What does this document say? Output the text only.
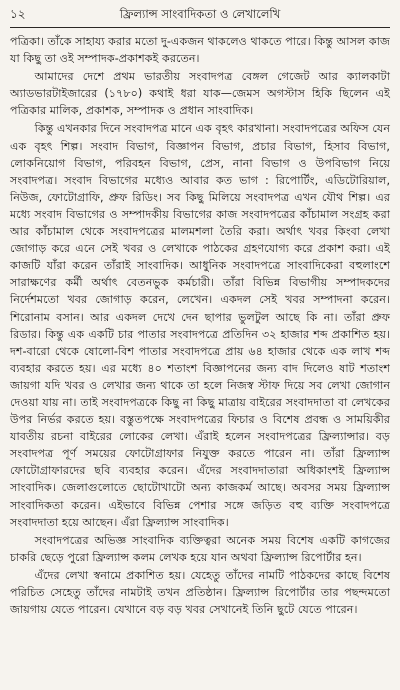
১২	ফ্রিল্যান্স সাংবাদিকতা ও লেখালেখি

পত্রিকা। তাঁকে সাহায্য করার মতো দু-একজন থাকলেও থাকতে পারে। কিন্তু আসল কাজ যা কিছু তা ওই সম্পাদক-প্রকাশকই করতেন।

আমাদের দেশে প্রথম ভারতীয় সংবাদপত্র বেঙ্গল গেজেট আর ক্যালকাটা অ্যাডভারটাইজারের (১৭৮০) কথাই ধরা যাক—জেমস অগস্টাস হিকি ছিলেন এই পত্রিকার মালিক, প্রকাশক, সম্পাদক ও প্রধান সাংবাদিক।

কিন্তু এখনকার দিনে সংবাদপত্র মানে এক বৃহৎ কারখানা। সংবাদপত্রের অফিস যেন এক বৃহৎ শিল্প। সংবাদ বিভাগ, বিজ্ঞাপন বিভাগ, প্রচার বিভাগ, হিসাব বিভাগ, লোকনিয়োগ বিভাগ, পরিবহন বিভাগ, প্রেস, নানা বিভাগ ও উপবিভাগ নিয়ে সংবাদপত্র। সংবাদ বিভাগের মধ্যেও আবার কত ভাগ : রিপোর্টিং, এডিটোরিয়াল, নিউজ, ফোটোগ্রাফি, প্রুফ রিডিং। সব কিছু মিলিয়ে সংবাদপত্র এখন যৌথ শিল্প। এর মধ্যে সংবাদ বিভাগের ও সম্পাদকীয় বিভাগের কাজ সংবাদপত্রের কাঁচামাল সংগ্রহ করা আর কাঁচামাল থেকে সংবাদপত্রের মালমশলা তৈরি করা। অর্থাৎ খবর কিংবা লেখা জোগাড় করে এনে সেই খবর ও লেখাকে পাঠকের গ্রহণযোগ্য করে প্রকাশ করা। এই কাজটি যাঁরা করেন তাঁরাই সাংবাদিক। আধুনিক সংবাদপত্রে সাংবাদিকেরা বহুলাংশে সারাক্ষণের কর্মী অর্থাৎ বেতনভুক কর্মচারী। তাঁরা বিভিন্ন বিভাগীয় সম্পাদকদের নির্দেশমতো খবর জোগাড় করেন, লেখেন। একদল সেই খবর সম্পাদনা করেন। শিরোনাম বসান। আর একদল দেখে দেন ছাপার ভুলটুল আছে কি না। তাঁরা প্রুফ রিডার। কিন্তু এক একটি চার পাতার সংবাদপত্রে প্রতিদিন ৩২ হাজার শব্দ প্রকাশিত হয়। দশ-বারো থেকে ষোলো-বিশ পাতার সংবাদপত্রে প্রায় ৬৪ হাজার থেকে এক লাখ শব্দ ব্যবহার করতে হয়। এর মধ্যে ৪০ শতাংশ বিজ্ঞাপনের জন্য বাদ দিলেও ষাট শতাংশ জায়গা যদি খবর ও লেখার জন্য থাকে তা হলে নিজস্ব স্টাফ দিয়ে সব লেখা জোগান দেওয়া যায় না। তাই সংবাদপত্রকে কিছু না কিছু মাত্রায় বাইরের সংবাদদাতা বা লেখকের উপর নির্ভর করতে হয়। বস্তুতপক্ষে সংবাদপত্রের ফিচার ও বিশেষ প্রবন্ধ ও সাময়িকীর যাবতীয় রচনা বাইরের লোকের লেখা। এঁরাই হলেন সংবাদপত্রের ফ্রিল্যান্সার। বড় সংবাদপত্র পূর্ণ সময়ের ফোটোগ্রাফার নিযুক্ত করতে পারেন না। তাঁরা ফ্রিল্যান্স ফোটোগ্রাফারদের ছবি ব্যবহার করেন। এঁদের সংবাদদাতারা অধিকাংশই ফ্রিল্যান্স সাংবাদিক। জেলাগুলোতে ছোটোখাটো অন্য কাজকর্ম আছে। অবসর সময় ফ্রিল্যান্স সাংবাদিকতা করেন। এইভাবে বিভিন্ন পেশার সঙ্গে জড়িত বহু ব্যক্তি সংবাদপত্রে সংবাদদাতা হয়ে আছেন। এঁরা ফ্রিল্যান্স সাংবাদিক।

সংবাদপত্রের অভিজ্ঞ সাংবাদিক ব্যক্তিত্বরা অনেক সময় বিশেষ একটি কাগজের চাকরি ছেড়ে পুরো ফ্রিল্যান্স কলম লেখক হয়ে যান অথবা ফ্রিল্যান্স রিপোর্টার হন।

এঁদের লেখা স্বনামে প্রকাশিত হয়। যেহেতু তাঁদের নামটি পাঠকদের কাছে বিশেষ পরিচিত সেহেতু তাঁদের নামটাই তখন প্রতিষ্ঠান। ফ্রিল্যান্স রিপোর্টার তার পছন্দমতো জায়গায় যেতে পারেন। যেখানে বড় বড় খবর সেখানেই তিনি ছুটে যেতে পারেন।
